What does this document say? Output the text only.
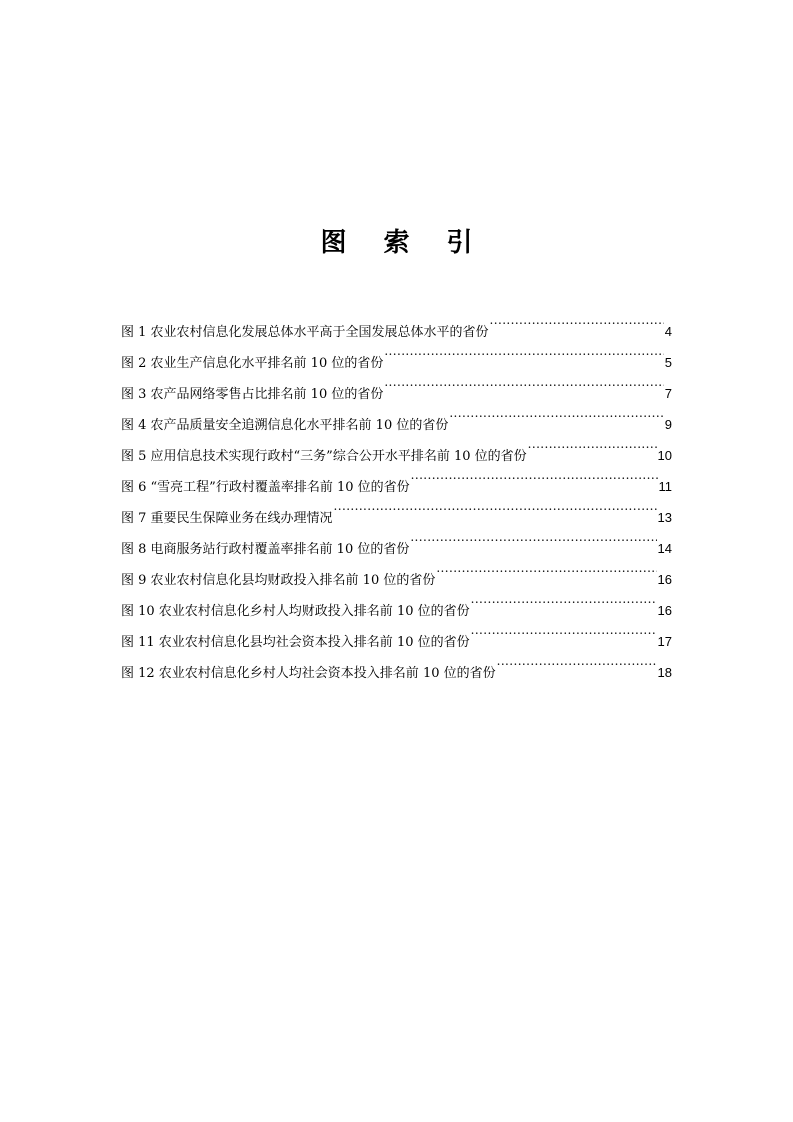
图 索 引
图 1 农业农村信息化发展总体水平高于全国发展总体水平的省份 .....	4
图 2 农业生产信息化水平排名前 10 位的省份 .....	5
图 3 农产品网络零售占比排名前 10 位的省份 .....	7
图 4 农产品质量安全追溯信息化水平排名前 10 位的省份 .....	9
图 5 应用信息技术实现行政村“三务”综合公开水平排名前 10 位的省份 .....	10
图 6 “雪亮工程”行政村覆盖率排名前 10 位的省份 .....	11
图 7 重要民生保障业务在线办理情况 .....	13
图 8 电商服务站行政村覆盖率排名前 10 位的省份 .....	14
图 9 农业农村信息化县均财政投入排名前 10 位的省份 .....	16
图 10 农业农村信息化乡村人均财政投入排名前 10 位的省份 .....	16
图 11 农业农村信息化县均社会资本投入排名前 10 位的省份 .....	17
图 12 农业农村信息化乡村人均社会资本投入排名前 10 位的省份 .....	18
